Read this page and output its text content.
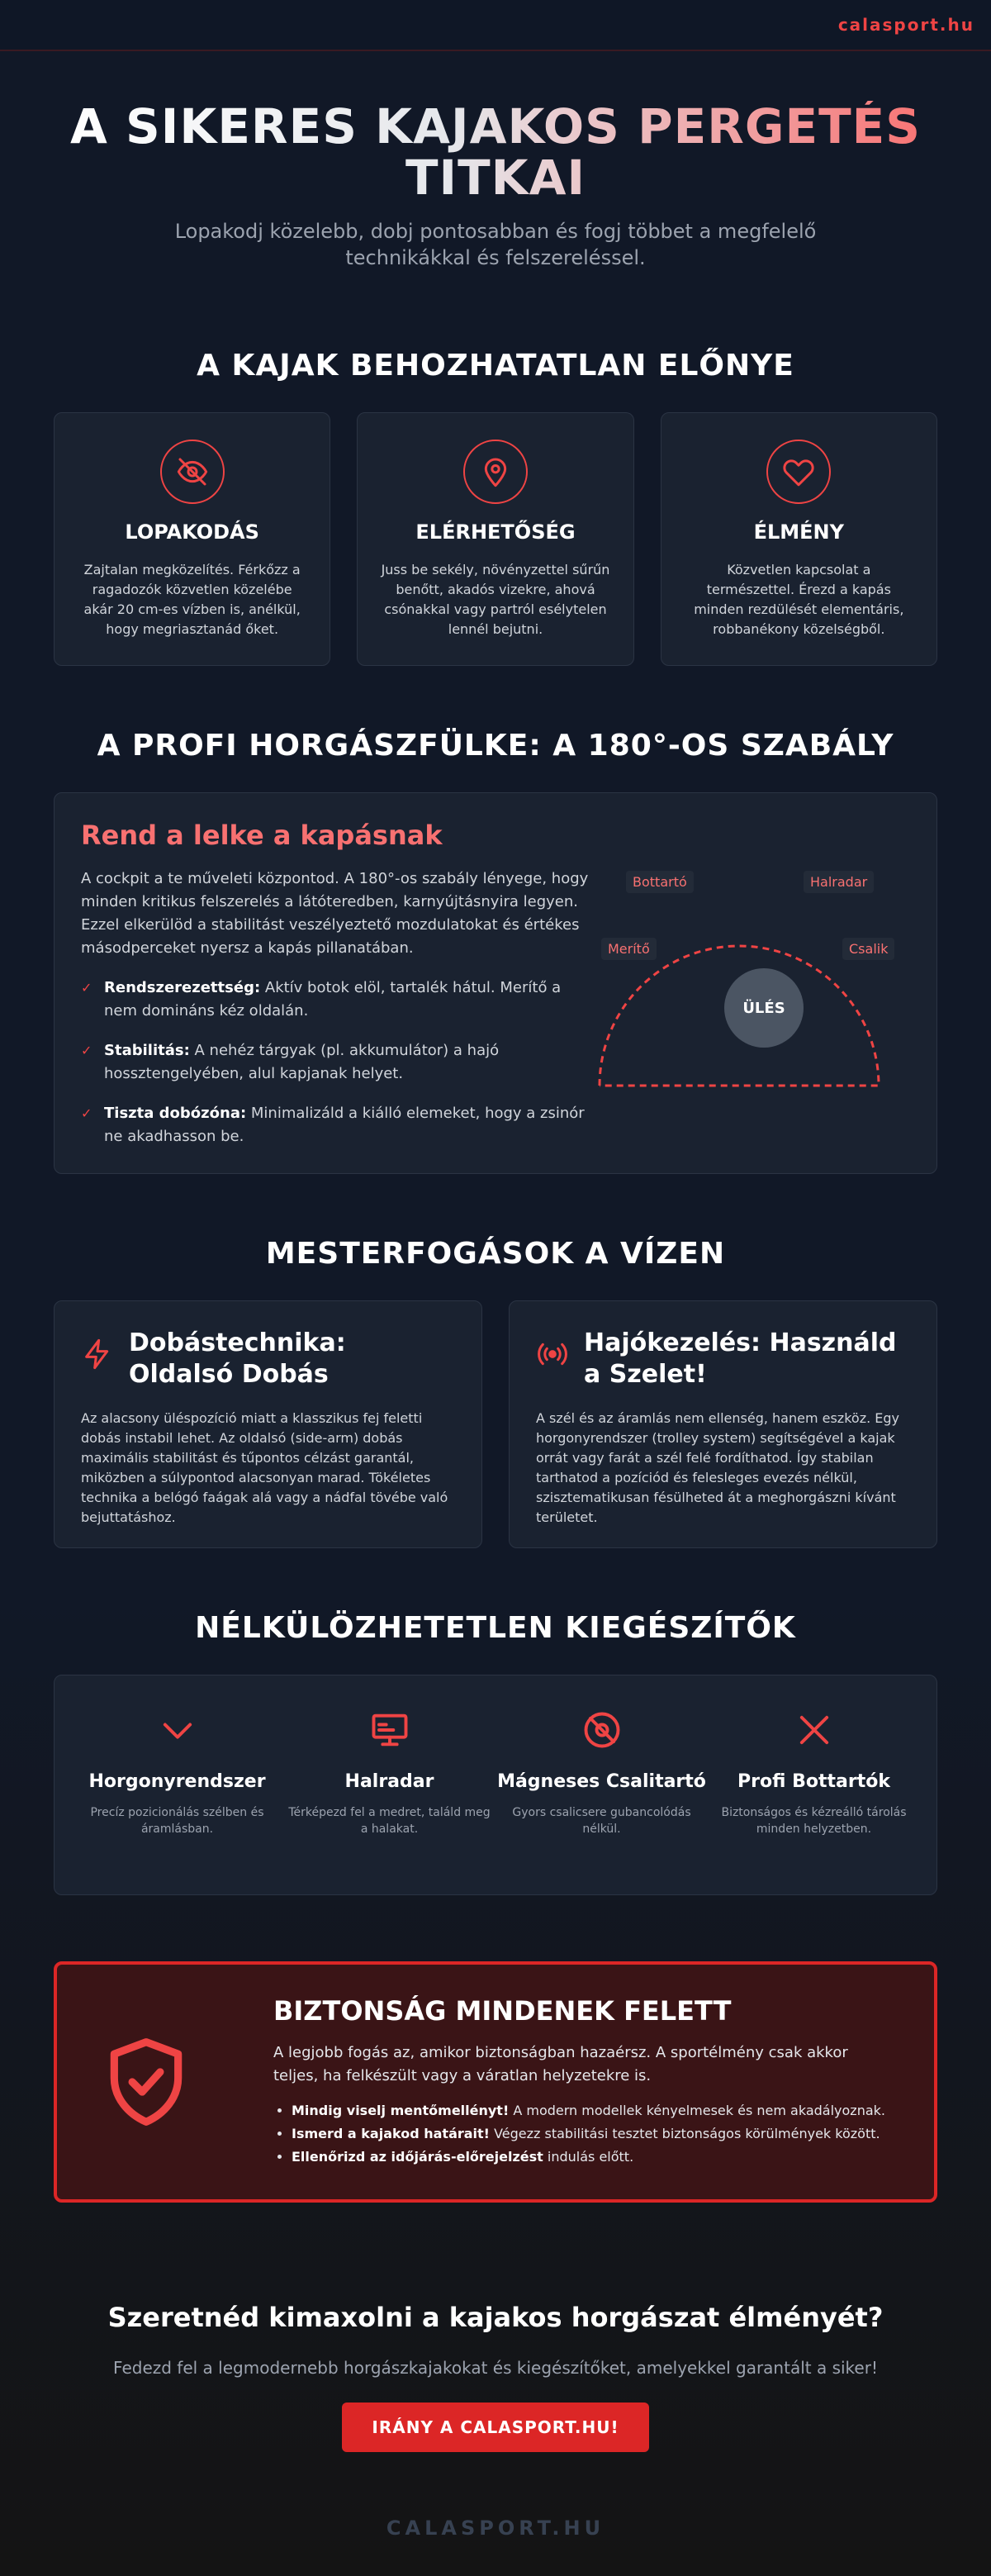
calasport.hu
A SIKERES KAJAKOS PERGETÉS TITKAI

Lopakodj közelebb, dobj pontosabban és fogj többet a megfelelő technikákkal és felszereléssel.

A KAJAK BEHOZHATATLAN ELŐNYE
LOPAKODÁS

Zajtalan megközelítés. Férkőzz a ragadozók közvetlen közelébe akár 20 cm-es vízben is, anélkül, hogy megriasztanád őket.

ELÉRHETŐSÉG

Juss be sekély, növényzettel sűrűn benőtt, akadós vizekre, ahová csónakkal vagy partról esélytelen lennél bejutni.

ÉLMÉNY

Közvetlen kapcsolat a természettel. Érezd a kapás minden rezdülését elementáris, robbanékony közelségből.

A PROFI HORGÁSZFÜLKE: A 180°-OS SZABÁLY
Rend a lelke a kapásnak

A cockpit a te műveleti központod. A 180°-os szabály lényege, hogy minden kritikus felszerelés a látóteredben, karnyújtásnyira legyen. Ezzel elkerülöd a stabilitást veszélyeztető mozdulatokat és értékes másodperceket nyersz a kapás pillanatában.

✓ Rendszerezettség: Aktív botok elöl, tartalék hátul. Merítő a nem domináns kéz oldalán.
✓ Stabilitás: A nehéz tárgyak (pl. akkumulátor) a hajó hossztengelyében, alul kapjanak helyet.
✓ Tiszta dobózóna: Minimalizáld a kiálló elemeket, hogy a zsinór ne akadhasson be.
Bottartó	Halradar
Merítő	Csalik
ÜLÉS
MESTERFOGÁSOK A VÍZEN
Dobástechnika: Oldalsó Dobás

Az alacsony üléspozíció miatt a klasszikus fej feletti dobás instabil lehet. Az oldalsó (side-arm) dobás maximális stabilitást és tűpontos célzást garantál, miközben a súlypontod alacsonyan marad. Tökéletes technika a belógó faágak alá vagy a nádfal tövébe való bejuttatáshoz.

Hajókezelés: Használd a Szelet!

A szél és az áramlás nem ellenség, hanem eszköz. Egy horgonyrendszer (trolley system) segítségével a kajak orrát vagy farát a szél felé fordíthatod. Így stabilan tarthatod a pozíciód és felesleges evezés nélkül, szisztematikusan fésülheted át a meghorgászni kívánt területet.

NÉLKÜLÖZHETETLEN KIEGÉSZÍTŐK
Horgonyrendszer

Precíz pozicionálás szélben és áramlásban.

Halradar

Térképezd fel a medret, találd meg a halakat.

Mágneses Csalitartó

Gyors csalicsere gubancolódás nélkül.

Profi Bottartók

Biztonságos és kézreálló tárolás minden helyzetben.

BIZTONSÁG MINDENEK FELETT

A legjobb fogás az, amikor biztonságban hazaérsz. A sportélmény csak akkor teljes, ha felkészült vagy a váratlan helyzetekre is.

• Mindig viselj mentőmellényt! A modern modellek kényelmesek és nem akadályoznak.
• Ismerd a kajakod határait! Végezz stabilitási tesztet biztonságos körülmények között.
• Ellenőrizd az időjárás-előrejelzést indulás előtt.
Szeretnéd kimaxolni a kajakos horgászat élményét?

Fedezd fel a legmodernebb horgászkajakokat és kiegészítőket, amelyekkel garantált a siker!

IRÁNY A CALASPORT.HU!
CALASPORT.HU
